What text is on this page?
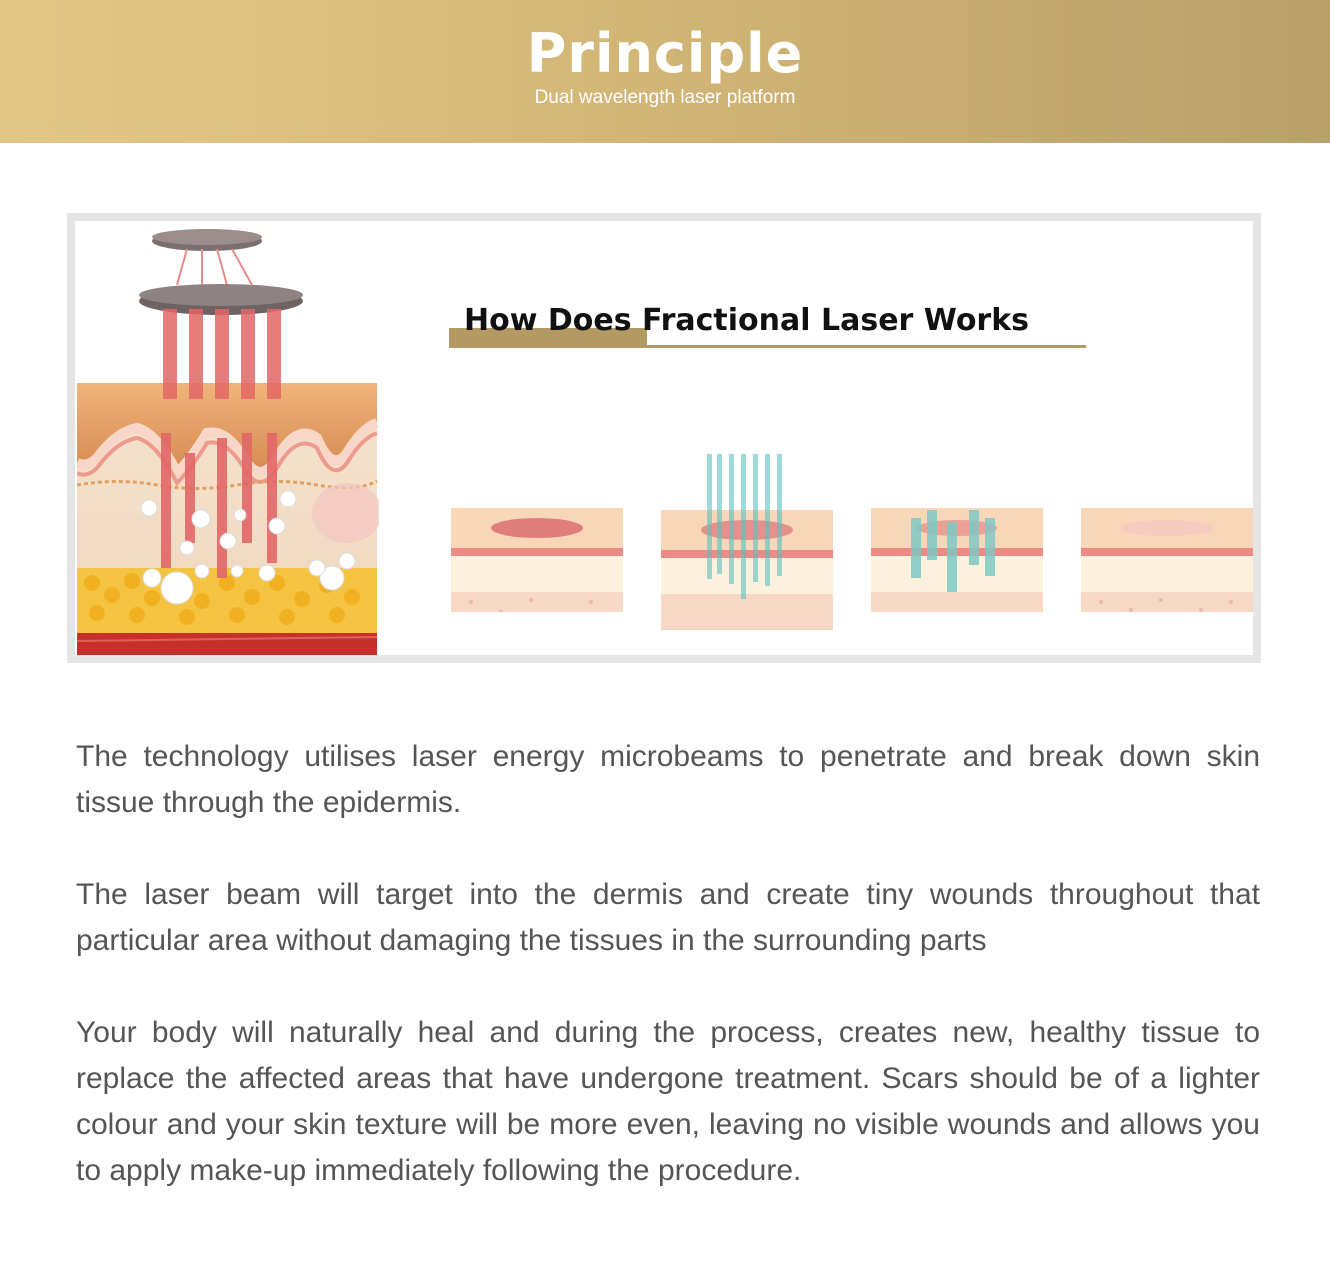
Principle
Dual wavelength laser platform
How Does Fractional Laser Works

The technology utilises laser energy microbeams to penetrate and break down skin tissue through the epidermis.

The laser beam will target into the dermis and create tiny wounds throughout that particular area without damaging the tissues in the surrounding parts

Your body will naturally heal and during the process, creates new, healthy tissue to replace the affected areas that have undergone treatment. Scars should be of a lighter colour and your skin texture will be more even, leaving no visible wounds and allows you to apply make-up immediately following the procedure.
